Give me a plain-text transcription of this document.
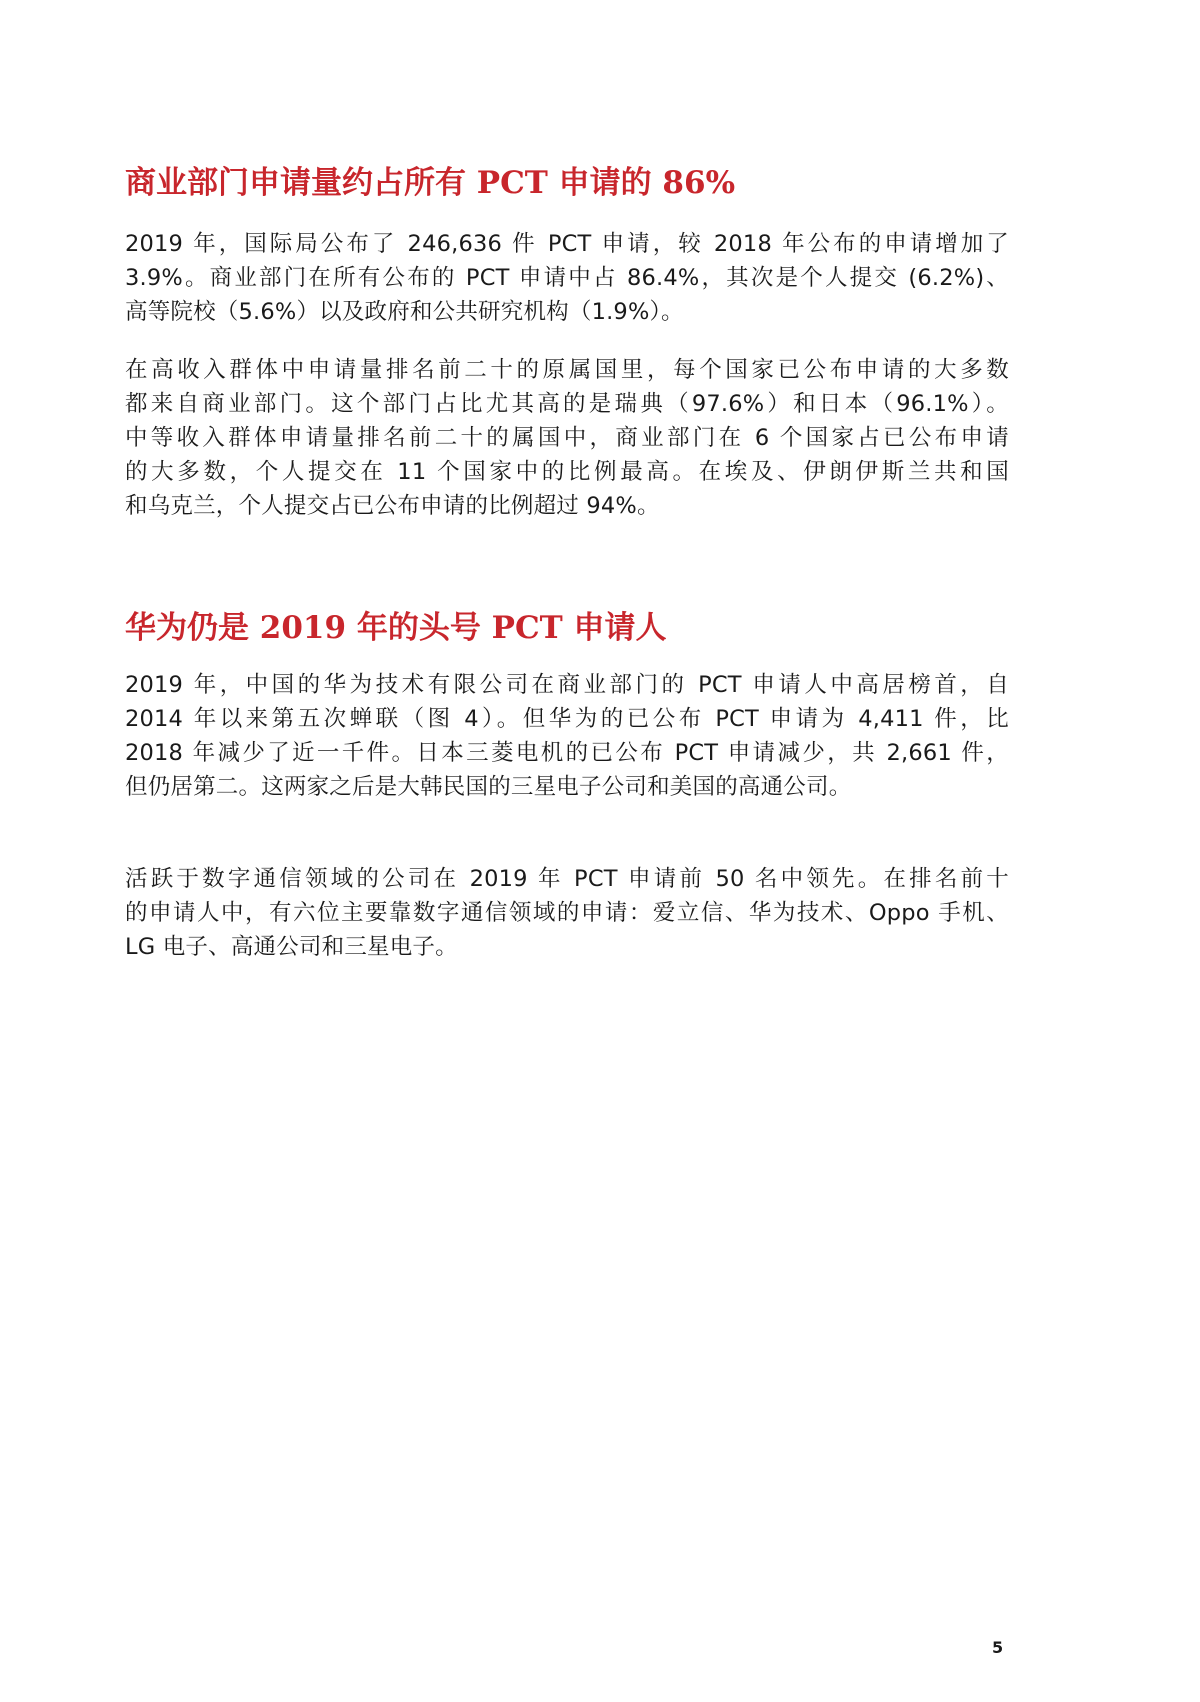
商业部门申请量约占所有 PCT 申请的 86%

2019 年，国际局公布了 246,636 件 PCT 申请，较 2018 年公布的申请增加了
3.9%。商业部门在所有公布的 PCT 申请中占 86.4%，其次是个人提交 (6.2%)、
高等院校（5.6%）以及政府和公共研究机构（1.9%）。

在高收入群体中申请量排名前二十的原属国里，每个国家已公布申请的大多数
都来自商业部门。这个部门占比尤其高的是瑞典（97.6%）和日本（96.1%）。
中等收入群体申请量排名前二十的属国中，商业部门在 6 个国家占已公布申请
的大多数，个人提交在 11 个国家中的比例最高。在埃及、伊朗伊斯兰共和国
和乌克兰，个人提交占已公布申请的比例超过 94%。

华为仍是 2019 年的头号 PCT 申请人

2019 年，中国的华为技术有限公司在商业部门的 PCT 申请人中高居榜首，自
2014 年以来第五次蝉联（图 4）。但华为的已公布 PCT 申请为 4,411 件，比
2018 年减少了近一千件。日本三菱电机的已公布 PCT 申请减少，共 2,661 件，
但仍居第二。这两家之后是大韩民国的三星电子公司和美国的高通公司。

活跃于数字通信领域的公司在 2019 年 PCT 申请前 50 名中领先。在排名前十
的申请人中，有六位主要靠数字通信领域的申请：爱立信、华为技术、Oppo 手机、
LG 电子、高通公司和三星电子。

5
